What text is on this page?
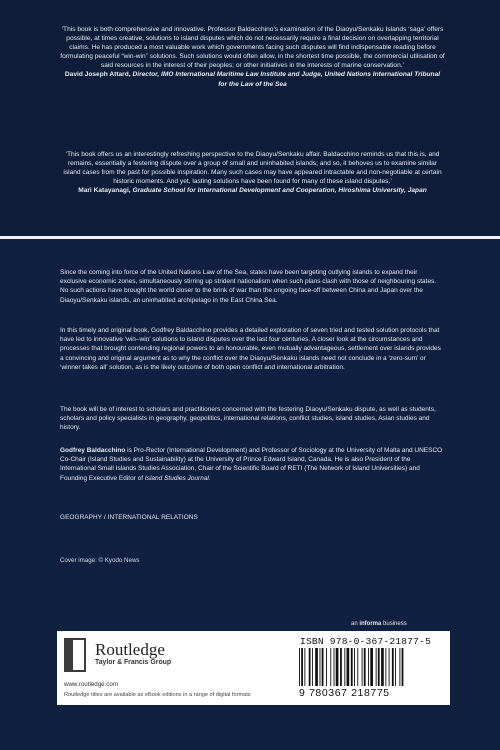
‘This book is both comprehensive and innovative. Professor Baldacchino’s examination of the Diaoyu/Senkaku Islands ‘saga’ offers possible, at times creative, solutions to island disputes which do not necessarily require a final decision on overlapping territorial claims. He has produced a most valuable work which governments facing such disputes will find indispensable reading before formulating peaceful “win-win” solutions. Such solutions would often allow, in the shortest time possible, the commercial utilisation of said resources in the interest of their peoples; or other initiatives in the interests of marine conservation.’
David Joseph Attard, Director, IMO International Maritime Law Institute and Judge, United Nations International Tribunal for the Law of the Sea
‘This book offers us an interestingly refreshing perspective to the Diaoyu/Senkaku affair. Baldacchino reminds us that this is, and remains, essentially a festering dispute over a group of small and uninhabited islands; and so, it behoves us to examine similar island cases from the past for possible inspiration. Many such cases may have appeared intractable and non-negotiable at certain historic moments. And yet, lasting solutions have been found for many of these island disputes.’
Mari Katayanagi, Graduate School for International Development and Cooperation, Hiroshima University, Japan
Since the coming into force of the United Nations Law of the Sea, states have been targeting outlying islands to expand their exclusive economic zones, simultaneously stirring up strident nationalism when such plans clash with those of neighbouring states. No such actions have brought the world closer to the brink of war than the ongoing face-off between China and Japan over the Diaoyu/Senkaku islands, an uninhabited archipelago in the East China Sea.
In this timely and original book, Godfrey Baldacchino provides a detailed exploration of seven tried and tested solution protocols that have led to innovative ‘win–win’ solutions to island disputes over the last four centuries. A closer look at the circumstances and processes that brought contending regional powers to an honourable, even mutually advantageous, settlement over islands provides a convincing and original argument as to why the conflict over the Diaoyu/Senkaku islands need not conclude in a ‘zero-sum’ or ‘winner takes all’ solution, as is the likely outcome of both open conflict and international arbitration.
The book will be of interest to scholars and practitioners concerned with the festering Diaoyu/Senkaku dispute, as well as students, scholars and policy specialists in geography, geopolitics, international relations, conflict studies, island studies, Asian studies and history.
Godfrey Baldacchino is Pro-Rector (International Development) and Professor of Sociology at the University of Malta and UNESCO Co-Chair (Island Studies and Sustainability) at the University of Prince Edward Island, Canada. He is also President of the International Small Islands Studies Association, Chair of the Scientific Board of RETI (The Network of Island Universities) and Founding Executive Editor of Island Studies Journal.
GEOGRAPHY / INTERNATIONAL RELATIONS
Cover image: © Kyodo News
an informa business
ROUTLEDGE Routledge
Taylor & Francis Group
www.routledge.com
Routledge titles are available as eBook editions in a range of digital formats
ISBN 978-0-367-21877-5
9 780367 218775
